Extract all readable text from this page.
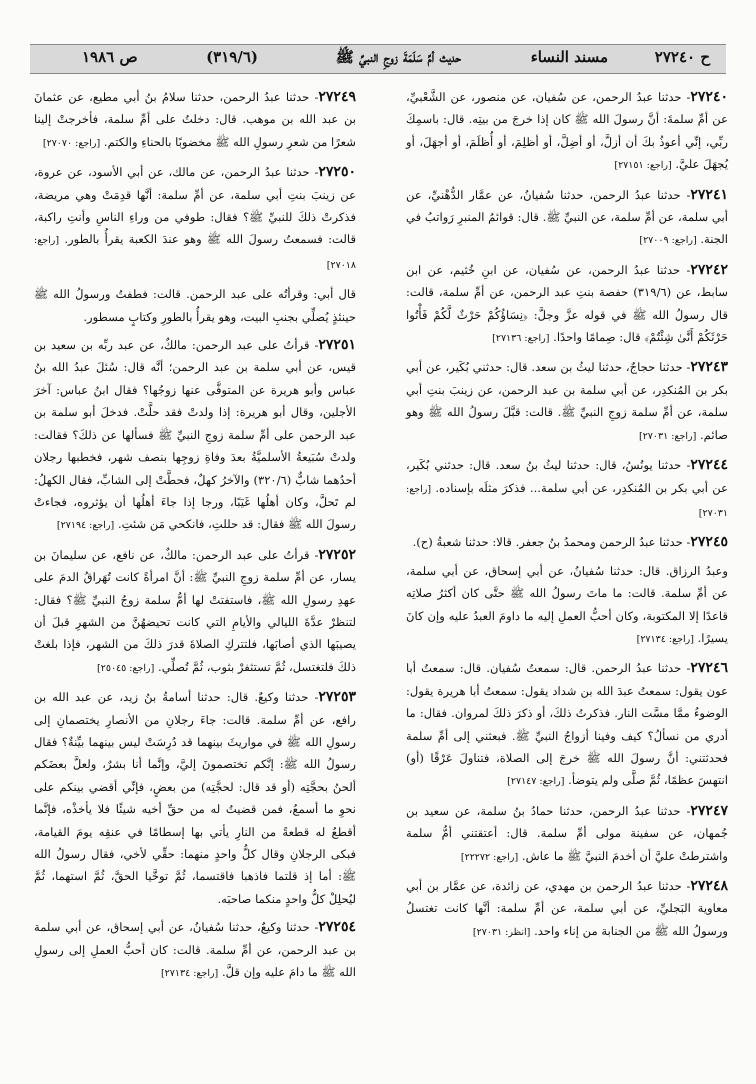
ح ٢٧٢٤٠
مسند النساء
حديث أمِّ سَلَمَةَ زوجِ النبيِّ ﷺ
(٣١٩/٦)
ص ١٩٨٦

٢٧٢٤٠- حدثنا عبدُ الرحمن، عن سُفيان، عن منصور، عن الشَّعْبيِّ، عن أمِّ سلمةَ: أنَّ رسولَ الله ﷺ كان إذا خرجَ من بيتِه. قال: باسمِكَ ربِّي، إنِّي أعوذُ بكَ أن أزلَّ، أو أضِلَّ، أو أظلِمَ، أو أُظلَمَ، أو أجهَلَ، أو يُجهَلَ عليَّ. [راجع: ٢٧١٥١]

٢٧٢٤١- حدثنا عبدُ الرحمن، حدثنا سُفيانُ، عن عمَّار الدُّهْنيِّ، عن أبي سلمة، عن أمِّ سلمة، عن النبيِّ ﷺ. قال: قوائمُ المنبرِ رَواتبُ في الجنة. [راجع: ٢٧٠٠٩]

٢٧٢٤٢- حدثنا عبدُ الرحمن، عن سُفيان، عن ابنِ خُثيم، عن ابن سابط، عن (٣١٩/٦) حفصة بنتِ عبد الرحمن، عن أمِّ سلمة، قالت: قال رسولُ الله ﷺ في قوله عزَّ وجلَّ: ﴿نِسَاؤُكُمْ حَرْثٌ لَّكُمْ فَأْتُوا حَرْثَكُمْ أَنَّىٰ شِئْتُمْ﴾ قال: صِمامًا واحدًا. [راجع: ٢٧١٣٦]

٢٧٢٤٣- حدثنا حجاجٌ، حدثنا ليثُ بن سعد. قال: حدثني بُكَير، عن أبي بكر بن المُنكدِر، عن أبي سلمة بن عبد الرحمن، عن زينبَ بنتِ أبي سلمة، عن أمِّ سلمة زوجِ النبيِّ ﷺ. قالت: قبَّلَ رسولُ الله ﷺ وهو صائم. [راجع: ٢٧٠٣١]

٢٧٢٤٤- حدثنا يونُسُ، قال: حدثنا ليثُ بنُ سعد. قال: حدثني بُكَير، عن أبي بكر بن المُنكدِر، عن أبي سلمة... فذكرَ مثلَه بإسناده. [راجع: ٢٧٠٣١]

٢٧٢٤٥- حدثنا عبدُ الرحمن ومحمدُ بنُ جعفر. قالا: حدثنا شعبةُ (ح).

وعبدُ الرزاق. قال: حدثنا سُفيانُ، عن أبي إسحاق، عن أبي سلمة، عن أمِّ سلمة. قالت: ما ماتَ رسولُ الله ﷺ حتَّى كان أكثرُ صلاتِه قاعدًا إلا المكتوبة، وكان أحبُّ العملِ إليه ما داومَ العبدُ عليه وإن كانَ يسيرًا. [راجع: ٢٧١٣٤]

٢٧٢٤٦- حدثنا عبدُ الرحمن. قال: سمعتُ سُفيان. قال: سمعتُ أبا عون يقول: سمعتُ عبدَ الله بن شداد يقول: سمعتُ أبا هريرة يقول: الوضوءُ ممَّا مسَّت النار. فذكرتُ ذلكَ، أو ذكرَ ذلكَ لمروان. فقال: ما أدري من نسألُ؟ كيف وفينا أزواجُ النبيِّ ﷺ. فبعثني إلى أمِّ سلمة فحدثتني: أنَّ رسولَ الله ﷺ خرجَ إلى الصلاة، فتناولَ عَرْقًا (أو) انتهسَ عظمًا، ثُمَّ صلَّى ولم يتوضأ. [راجع: ٢٧١٤٧]

٢٧٢٤٧- حدثنا عبدُ الرحمن، حدثنا حمادُ بنُ سلمة، عن سعيد بن جُمهان، عن سفينة مولى أمِّ سلمة. قال: أعتقتني أمُّ سلمة واشترطتْ عليَّ أن أخدمَ النبيَّ ﷺ ما عاش. [راجع: ٢٢٢٧٢]

٢٧٢٤٨- حدثنا عبدُ الرحمن بن مهدي، عن زائدة، عن عمَّار بن أبي معاوية البَجليِّ، عن أبي سلمة، عن أمِّ سلمة: أنَّها كانت تغتسلُ ورسولُ الله ﷺ من الجنابة من إناء واحد. [انظر: ٢٧٠٣١]

٢٧٢٤٩- حدثنا عبدُ الرحمن، حدثنا سلامُ بنُ أبي مطيع، عن عثمانَ بن عبد الله بن موهب. قال: دخلتُ على أمِّ سلمة، فأخرجتْ إلينا شعرًا من شعرِ رسولِ الله ﷺ مخضوبًا بالحناءِ والكتم. [راجع: ٢٧٠٧٠]

٢٧٢٥٠- حدثنا عبدُ الرحمن، عن مالك، عن أبي الأسود، عن عروة، عن زينبَ بنتِ أبي سلمة، عن أمِّ سلمة: أنَّها قدِمَتْ وهي مريضة، فذكرتْ ذلكَ للنبيِّ ﷺ؟ فقال: طوفي من وراءِ الناسِ وأنتِ راكبة، قالت: فسمعتُ رسولَ الله ﷺ وهو عندَ الكعبة يقرأُ بالطور. [راجع: ٢٧٠١٨]

قال أبي: وقرأتُه على عبد الرحمن. قالت: فطفتُ ورسولُ الله ﷺ حينئذٍ يُصلِّي بجنبِ البيت، وهو يقرأُ بالطورِ وكتابٍ مسطور.

٢٧٢٥١- قرأتُ على عبد الرحمن: مالكٌ، عن عبد ربِّه بن سعيد بن قيس، عن أبي سلمة بن عبد الرحمن؛ أنَّه قال: سُئلَ عبدُ الله بنُ عباس وأبو هريرة عن المتوفَّى عنها زوجُها؟ فقال ابنُ عباس: آخرَ الأجلين، وقال أبو هريرة: إذا ولدتْ فقد حلَّتْ. فدخلَ أبو سلمة بن عبد الرحمن على أمِّ سلمة زوجِ النبيِّ ﷺ فسألها عن ذلكَ؟ فقالت: ولدتْ سُبَيعةُ الأسلميَّةُ بعدَ وفاةِ زوجِها بنصف شهر، فخطبها رجلان أحدُهما شابٌّ (٣٢٠/٦) والآخرُ كهلٌ، فحطَّتْ إلى الشابِّ، فقال الكهلُ: لم تَحلَّ، وكان أهلُها غَيَبًا، ورجا إذا جاءَ أهلُها أن يؤثروه، فجاءتْ رسولَ الله ﷺ فقال: قد حللتِ، فانكحي مَن شئتِ. [راجع: ٢٧١٩٤]

٢٧٢٥٢- قرأتُ على عبد الرحمن: مالكٌ، عن نافع، عن سليمانَ بن يسار، عن أمِّ سلمة زوجِ النبيِّ ﷺ: أنَّ امرأةً كانت تُهَراقُ الدمَ على عهدِ رسولِ الله ﷺ، فاستفتتْ لها أمُّ سلمة زوجُ النبيِّ ﷺ؟ فقال: لتنظرْ عدَّةَ الليالي والأيامِ التي كانت تحيضهُنَّ من الشهرِ قبلَ أن يصيبَها الذي أصابَها، فلتتركِ الصلاةَ قدرَ ذلكَ من الشهر، فإذا بلغتْ ذلكَ فلتغتسل، ثُمَّ تستثفرْ بثوب، ثُمَّ تُصلِّي. [راجع: ٢٥٠٤٥]

٢٧٢٥٣- حدثنا وكيعٌ. قال: حدثنا أسامةُ بنُ زيد، عن عبد الله بن رافع، عن أمِّ سلمة. قالت: جاءَ رجلانِ من الأنصارِ يختصمانِ إلى رسولِ الله ﷺ في مواريثَ بينهما قد دُرِسَتْ ليس بينهما بيِّنةٌ؟ فقال رسولُ الله ﷺ: إنَّكم تختصمونَ إليَّ، وإنَّما أنا بشرٌ، ولعلَّ بعضَكم ألحنُ بحجَّتِه (أو قد قال: لحجَّتِه) من بعضٍ، فإنِّي أقضي بينكم على نحوِ ما أسمعُ، فمن قضيتُ له من حقِّ أخيه شيئًا فلا يأخذْه، فإنَّما أقطعُ له قطعةً من النارِ يأتي بها إسطامًا في عنقِه يومَ القيامة، فبكى الرجلانِ وقال كلُّ واحدٍ منهما: حقِّي لأخي، فقال رسولُ الله ﷺ: أما إذ قلتما فاذهبا فاقتسما، ثُمَّ توخَّيا الحقَّ، ثُمَّ استهما، ثُمَّ ليُحلِلْ كلُّ واحدٍ منكما صاحبَه.

٢٧٢٥٤- حدثنا وكيعٌ، حدثنا سُفيانُ، عن أبي إسحاق، عن أبي سلمة بن عبد الرحمن، عن أمِّ سلمة. قالت: كان أحبُّ العملِ إلى رسولِ الله ﷺ ما دامَ عليه وإن قلَّ. [راجع: ٢٧١٣٤]
